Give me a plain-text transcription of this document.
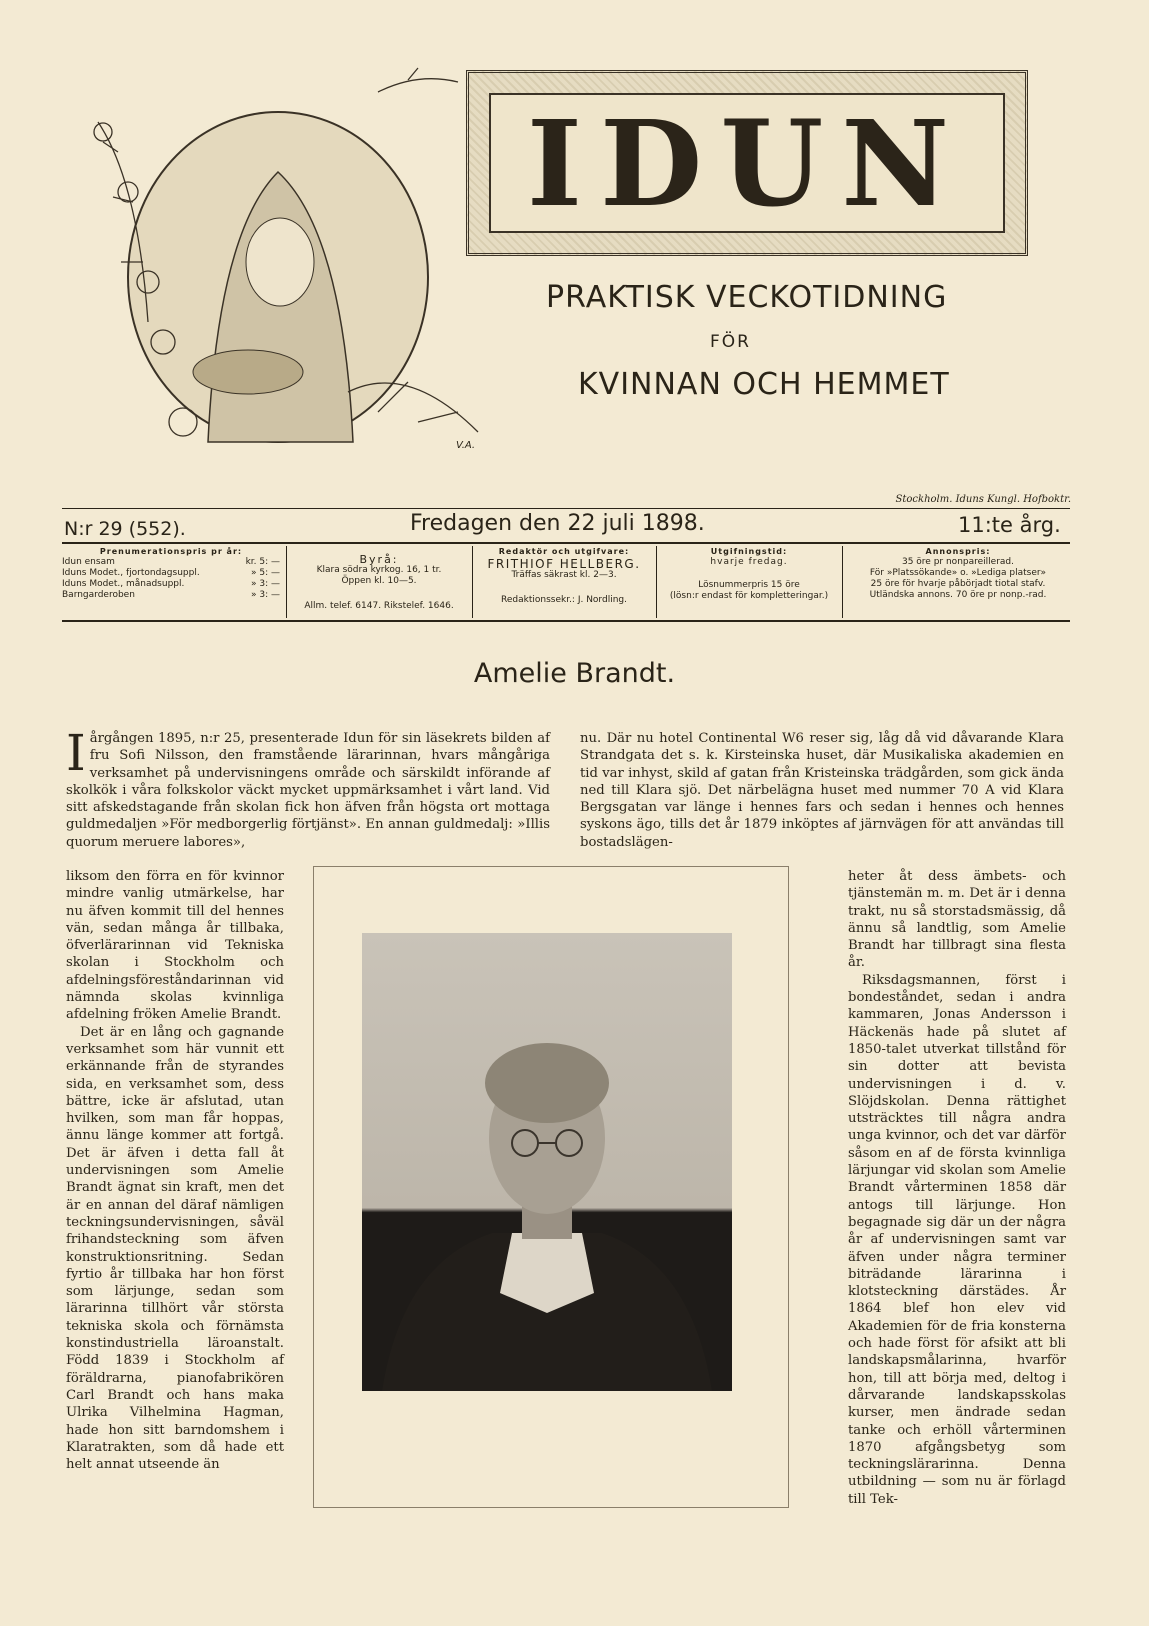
IDUN
PRAKTISK VECKOTIDNING
FÖR
KVINNAN OCH HEMMET
V.A.
Stockholm. Iduns Kungl. Hofboktr.
N:r 29 (552).	Fredagen den 22 juli 1898.	11:te årg.
Prenumerationspris pr år:
Idun ensam	kr. 5: —
Iduns Modet., fjortondagsuppl.	» 5: —
Iduns Modet., månadsuppl.	» 3: —
Barngarderoben	» 3: —
Byrå:
Klara södra kyrkog. 16, 1 tr.
Öppen kl. 10—5.
Allm. telef. 6147. Rikstelef. 1646.
Redaktör och utgifvare:
FRITHIOF HELLBERG.
Träffas säkrast kl. 2—3.
Redaktionssekr.: J. Nordling.
Utgifningstid:
hvarje fredag.
Lösnummerpris 15 öre
(lösn:r endast för kompletteringar.)
Annonspris:
35 öre pr nonpareillerad.
För »Platssökande» o. »Lediga platser»
25 öre för hvarje påbörjadt tiotal stafv.
Utländska annons. 70 öre pr nonp.-rad.
Amelie Brandt.
I årgången 1895, n:r 25, presenterade Idun för sin läsekrets bilden af fru Sofi Nilsson, den framstående lärarinnan, hvars mångåriga verksamhet på undervisningens område och särskildt införande af skolkök i våra folkskolor väckt mycket uppmärksamhet i vårt land. Vid sitt afskedstagande från skolan fick hon äfven från högsta ort mottaga guldmedaljen »För medborgerlig förtjänst». En annan guldmedalj: »Illis quorum meruere labores»,

liksom den förra en för kvinnor mindre vanlig utmärkelse, har nu äfven kommit till del hennes vän, sedan många år tillbaka, öfverlärarinnan vid Tekniska skolan i Stockholm och afdelningsföreståndarinnan vid nämnda skolas kvinnliga afdelning fröken Amelie Brandt.

Det är en lång och gagnande verksamhet som här vunnit ett erkännande från de styrandes sida, en verksamhet som, dess bättre, icke är afslutad, utan hvilken, som man får hoppas, ännu länge kommer att fortgå. Det är äfven i detta fall åt undervisningen som Amelie Brandt ägnat sin kraft, men det är en annan del däraf nämligen teckningsundervisningen, såväl frihandsteckning som äfven konstruktionsritning. Sedan fyrtio år tillbaka har hon först som lärjunge, sedan som lärarinna tillhört vår största tekniska skola och förnämsta konstindustriella läroanstalt. Född 1839 i Stockholm af föräldrarna, pianofabrikören Carl Brandt och hans maka Ulrika Vilhelmina Hagman, hade hon sitt barndomshem i Klaratrakten, som då hade ett helt annat utseende än

nu. Där nu hotel Continental W6 reser sig, låg då vid dåvarande Klara Strandgata det s. k. Kirsteinska huset, där Musikaliska akademien en tid var inhyst, skild af gatan från Kristeinska trädgården, som gick ända ned till Klara sjö. Det närbelägna huset med nummer 70 A vid Klara Bergsgatan var länge i hennes fars och sedan i hennes och hennes syskons ägo, tills det år 1879 inköptes af järnvägen för att användas till bostadslägen-

heter åt dess ämbets- och tjänstemän m. m. Det är i denna trakt, nu så storstadsmässig, då ännu så landtlig, som Amelie Brandt har tillbragt sina flesta år.

Riksdagsmannen, först i bondeståndet, sedan i andra kammaren, Jonas Andersson i Häckenäs hade på slutet af 1850-talet utverkat tillstånd för sin dotter att bevista undervisningen i d. v. Slöjdskolan. Denna rättighet utsträcktes till några andra unga kvinnor, och det var därför såsom en af de första kvinnliga lärjungar vid skolan som Amelie Brandt vårterminen 1858 där antogs till lärjunge. Hon begagnade sig där un der några år af undervisningen samt var äfven under några terminer biträdande lärarinna i klotsteckning därstädes. År 1864 blef hon elev vid Akademien för de fria konsterna och hade först för afsikt att bli landskapsmålarinna, hvarför hon, till att börja med, deltog i dårvarande landskapsskolas kurser, men ändrade sedan tanke och erhöll vårterminen 1870 afgångsbetyg som teckningslärarinna. Denna utbildning — som nu är förlagd till Tek-
